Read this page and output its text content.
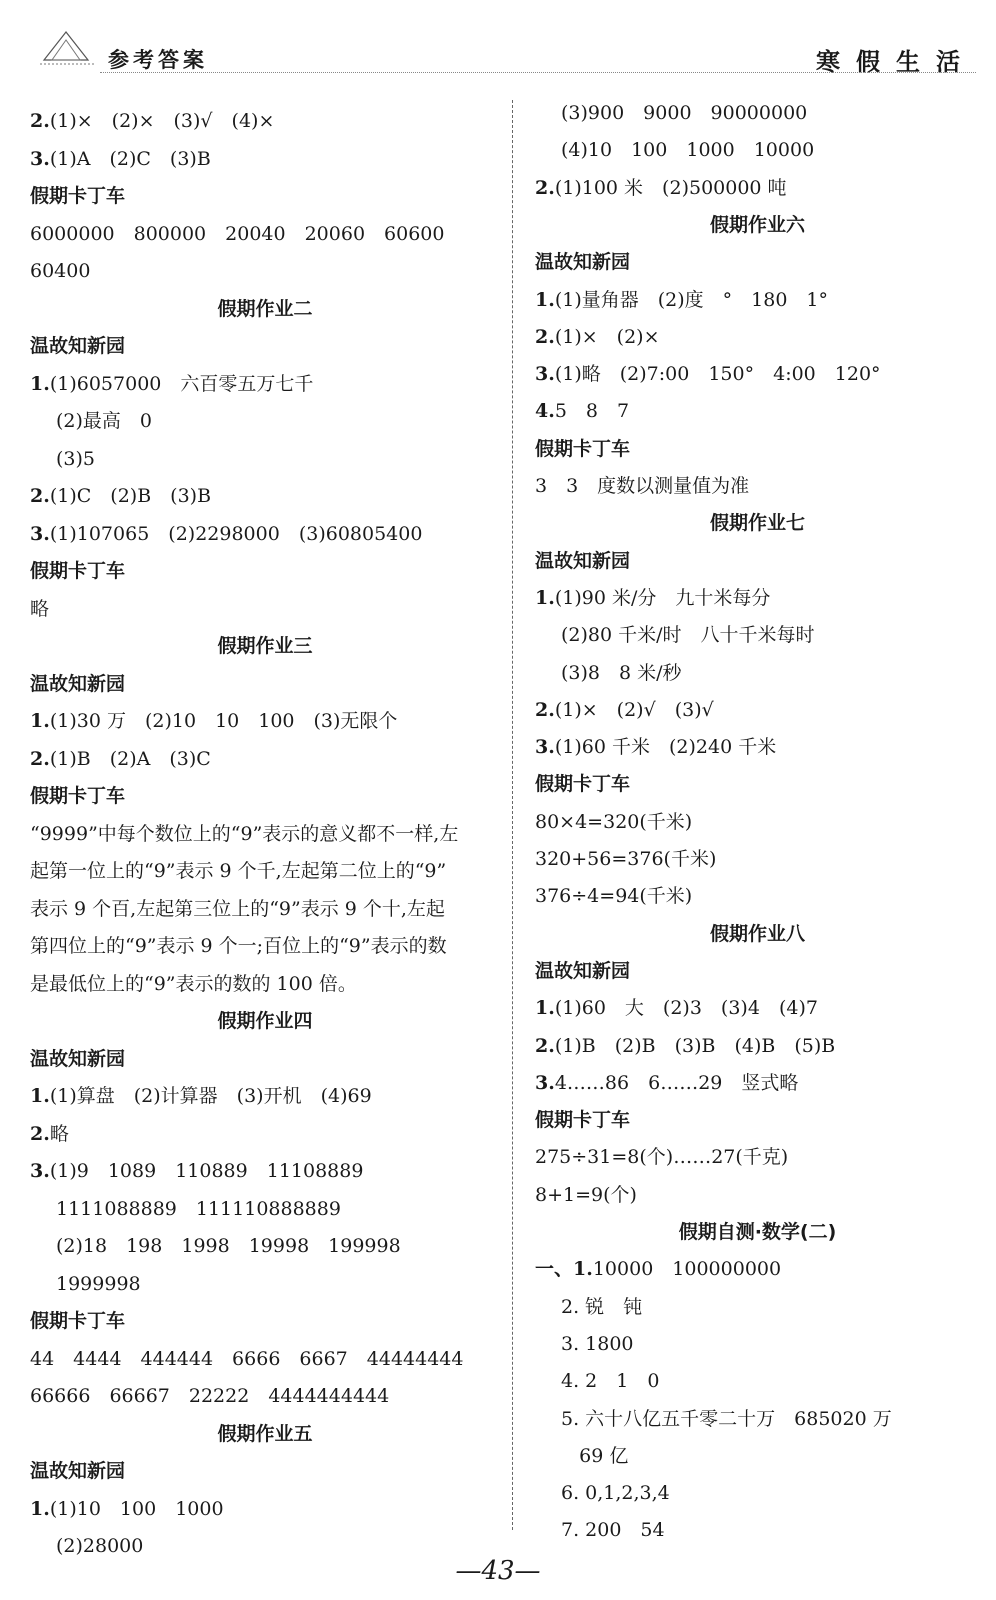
参考答案	寒假生活
2.(1)×　(2)×　(3)√　(4)×
3.(1)A　(2)C　(3)B
假期卡丁车
6000000　800000　20040　20060　60600
60400
假期作业二
温故知新园
1.(1)6057000　六百零五万七千
(2)最高　0
(3)5
2.(1)C　(2)B　(3)B
3.(1)107065　(2)2298000　(3)60805400
假期卡丁车
略
假期作业三
温故知新园
1.(1)30 万　(2)10　10　100　(3)无限个
2.(1)B　(2)A　(3)C
假期卡丁车
“9999”中每个数位上的“9”表示的意义都不一样,左
起第一位上的“9”表示 9 个千,左起第二位上的“9”
表示 9 个百,左起第三位上的“9”表示 9 个十,左起
第四位上的“9”表示 9 个一;百位上的“9”表示的数
是最低位上的“9”表示的数的 100 倍。
假期作业四
温故知新园
1.(1)算盘　(2)计算器　(3)开机　(4)69
2.略
3.(1)9　1089　110889　11108889
1111088889　111110888889
(2)18　198　1998　19998　199998
1999998
假期卡丁车
44　4444　444444　6666　6667　44444444
66666　66667　22222　4444444444
假期作业五
温故知新园
1.(1)10　100　1000
(2)28000
(3)900　9000　90000000
(4)10　100　1000　10000
2.(1)100 米　(2)500000 吨
假期作业六
温故知新园
1.(1)量角器　(2)度　°　180　1°
2.(1)×　(2)×
3.(1)略　(2)7:00　150°　4:00　120°
4.5　8　7
假期卡丁车
3　3　度数以测量值为准
假期作业七
温故知新园
1.(1)90 米/分　九十米每分
(2)80 千米/时　八十千米每时
(3)8　8 米/秒
2.(1)×　(2)√　(3)√
3.(1)60 千米　(2)240 千米
假期卡丁车
80×4=320(千米)
320+56=376(千米)
376÷4=94(千米)
假期作业八
温故知新园
1.(1)60　大　(2)3　(3)4　(4)7
2.(1)B　(2)B　(3)B　(4)B　(5)B
3.4……86　6……29　竖式略
假期卡丁车
275÷31=8(个)……27(千克)
8+1=9(个)
假期自测·数学(二)
一、1.10000　100000000
2. 锐　钝
3. 1800
4. 2　1　0
5. 六十八亿五千零二十万　685020 万
69 亿
6. 0,1,2,3,4
7. 200　54
—43—
